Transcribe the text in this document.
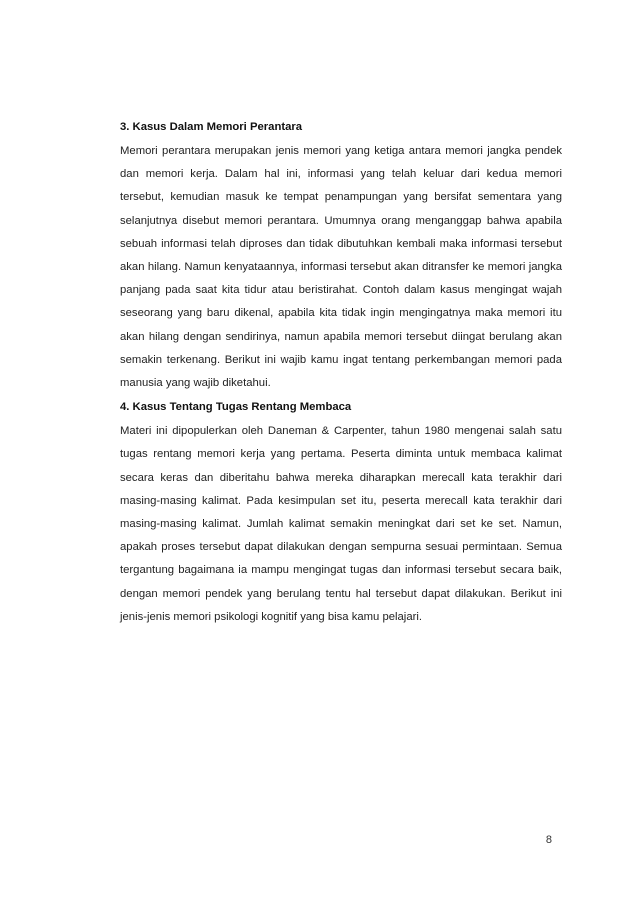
3. Kasus Dalam Memori Perantara

Memori perantara merupakan jenis memori yang ketiga antara memori jangka pendek dan memori kerja. Dalam hal ini, informasi yang telah keluar dari kedua memori tersebut, kemudian masuk ke tempat penampungan yang bersifat sementara yang selanjutnya disebut memori perantara. Umumnya orang menganggap bahwa apabila sebuah informasi telah diproses dan tidak dibutuhkan kembali maka informasi tersebut akan hilang. Namun kenyataannya, informasi tersebut akan ditransfer ke memori jangka panjang pada saat kita tidur atau beristirahat. Contoh dalam kasus mengingat wajah seseorang yang baru dikenal, apabila kita tidak ingin mengingatnya maka memori itu akan hilang dengan sendirinya, namun apabila memori tersebut diingat berulang akan semakin terkenang. Berikut ini wajib kamu ingat tentang perkembangan memori pada manusia yang wajib diketahui.

4. Kasus Tentang Tugas Rentang Membaca

Materi ini dipopulerkan oleh Daneman & Carpenter, tahun 1980 mengenai salah satu tugas rentang memori kerja yang pertama. Peserta diminta untuk membaca kalimat secara keras dan diberitahu bahwa mereka diharapkan merecall kata terakhir dari masing-masing kalimat. Pada kesimpulan set itu, peserta merecall kata terakhir dari masing-masing kalimat. Jumlah kalimat semakin meningkat dari set ke set. Namun, apakah proses tersebut dapat dilakukan dengan sempurna sesuai permintaan. Semua tergantung bagaimana ia mampu mengingat tugas dan informasi tersebut secara baik, dengan memori pendek yang berulang tentu hal tersebut dapat dilakukan. Berikut ini jenis-jenis memori psikologi kognitif yang bisa kamu pelajari.

8
